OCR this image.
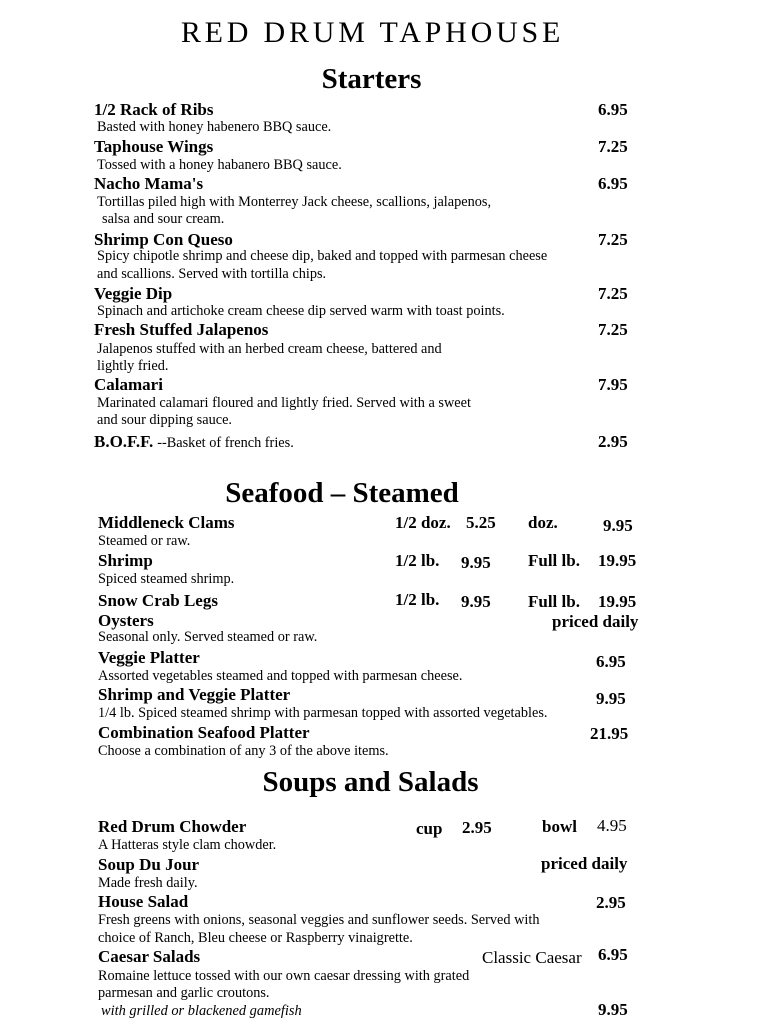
RED DRUM TAPHOUSE
Starters
1/2 Rack of Ribs	6.95
Basted with honey habenero BBQ sauce.
Taphouse Wings	7.25
Tossed with a honey habanero BBQ sauce.
Nacho Mama's	6.95
Tortillas piled high with Monterrey Jack cheese, scallions, jalapenos,
salsa and sour cream.
Shrimp Con Queso	7.25
Spicy chipotle shrimp and cheese dip, baked and topped with parmesan cheese
and scallions. Served with tortilla chips.
Veggie Dip	7.25
Spinach and artichoke cream cheese dip served warm with toast points.
Fresh Stuffed Jalapenos	7.25
Jalapenos stuffed with an herbed cream cheese, battered and
lightly fried.
Calamari	7.95
Marinated calamari floured and lightly fried. Served with a sweet
and sour dipping sauce.
B.O.F.F. --Basket of french fries.	2.95
Seafood – Steamed
Middleneck Clams	1/2 doz. 5.25 doz.	9.95
Steamed or raw.
Shrimp	1/2 lb. 9.95 Full lb. 19.95
Spiced steamed shrimp.
Snow Crab Legs	1/2 lb. 9.95 Full lb. 19.95
Oysters	priced daily
Seasonal only. Served steamed or raw.
Veggie Platter	6.95
Assorted vegetables steamed and topped with parmesan cheese.
Shrimp and Veggie Platter	9.95
1/4 lb. Spiced steamed shrimp with parmesan topped with assorted vegetables.
Combination Seafood Platter	21.95
Choose a combination of any 3 of the above items.
Soups and Salads
Red Drum Chowder	cup 2.95	bowl 4.95
A Hatteras style clam chowder.
Soup Du Jour	priced daily
Made fresh daily.
House Salad	2.95
Fresh greens with onions, seasonal veggies and sunflower seeds. Served with
choice of Ranch, Bleu cheese or Raspberry vinaigrette.
Caesar Salads	Classic Caesar 6.95
Romaine lettuce tossed with our own caesar dressing with grated
parmesan and garlic croutons.
with grilled or blackened gamefish	9.95
